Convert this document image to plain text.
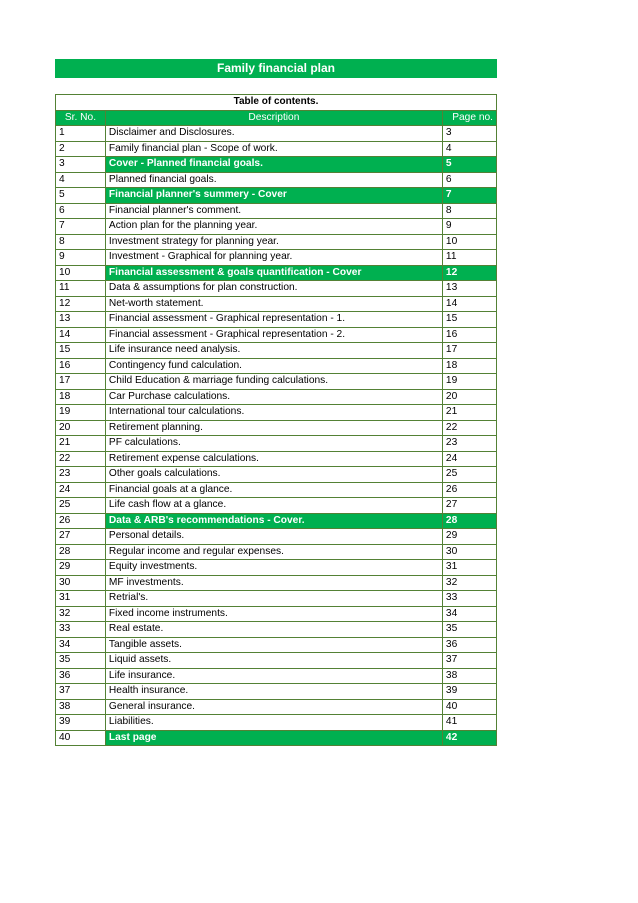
Family financial plan
Table of contents.		
Sr. No.	Description	Page no.
1	Disclaimer and Disclosures.	3
2	Family financial plan - Scope of work.	4
3	Cover - Planned financial goals.	5
4	Planned financial goals.	6
5	Financial planner's summery - Cover	7
6	Financial planner's comment.	8
7	Action plan for the planning year.	9
8	Investment strategy for planning year.	10
9	Investment - Graphical for planning year.	11
10	Financial assessment & goals quantification - Cover	12
11	Data & assumptions for plan construction.	13
12	Net-worth statement.	14
13	Financial assessment - Graphical representation - 1.	15
14	Financial assessment - Graphical representation - 2.	16
15	Life insurance need analysis.	17
16	Contingency fund calculation.	18
17	Child Education & marriage funding calculations.	19
18	Car Purchase calculations.	20
19	International tour calculations.	21
20	Retirement planning.	22
21	PF calculations.	23
22	Retirement expense calculations.	24
23	Other goals calculations.	25
24	Financial goals at a glance.	26
25	Life cash flow at a glance.	27
26	Data & ARB's recommendations - Cover.	28
27	Personal details.	29
28	Regular income and regular expenses.	30
29	Equity investments.	31
30	MF investments.	32
31	Retrial's.	33
32	Fixed income instruments.	34
33	Real estate.	35
34	Tangible assets.	36
35	Liquid assets.	37
36	Life insurance.	38
37	Health insurance.	39
38	General insurance.	40
39	Liabilities.	41
40	Last page	42
